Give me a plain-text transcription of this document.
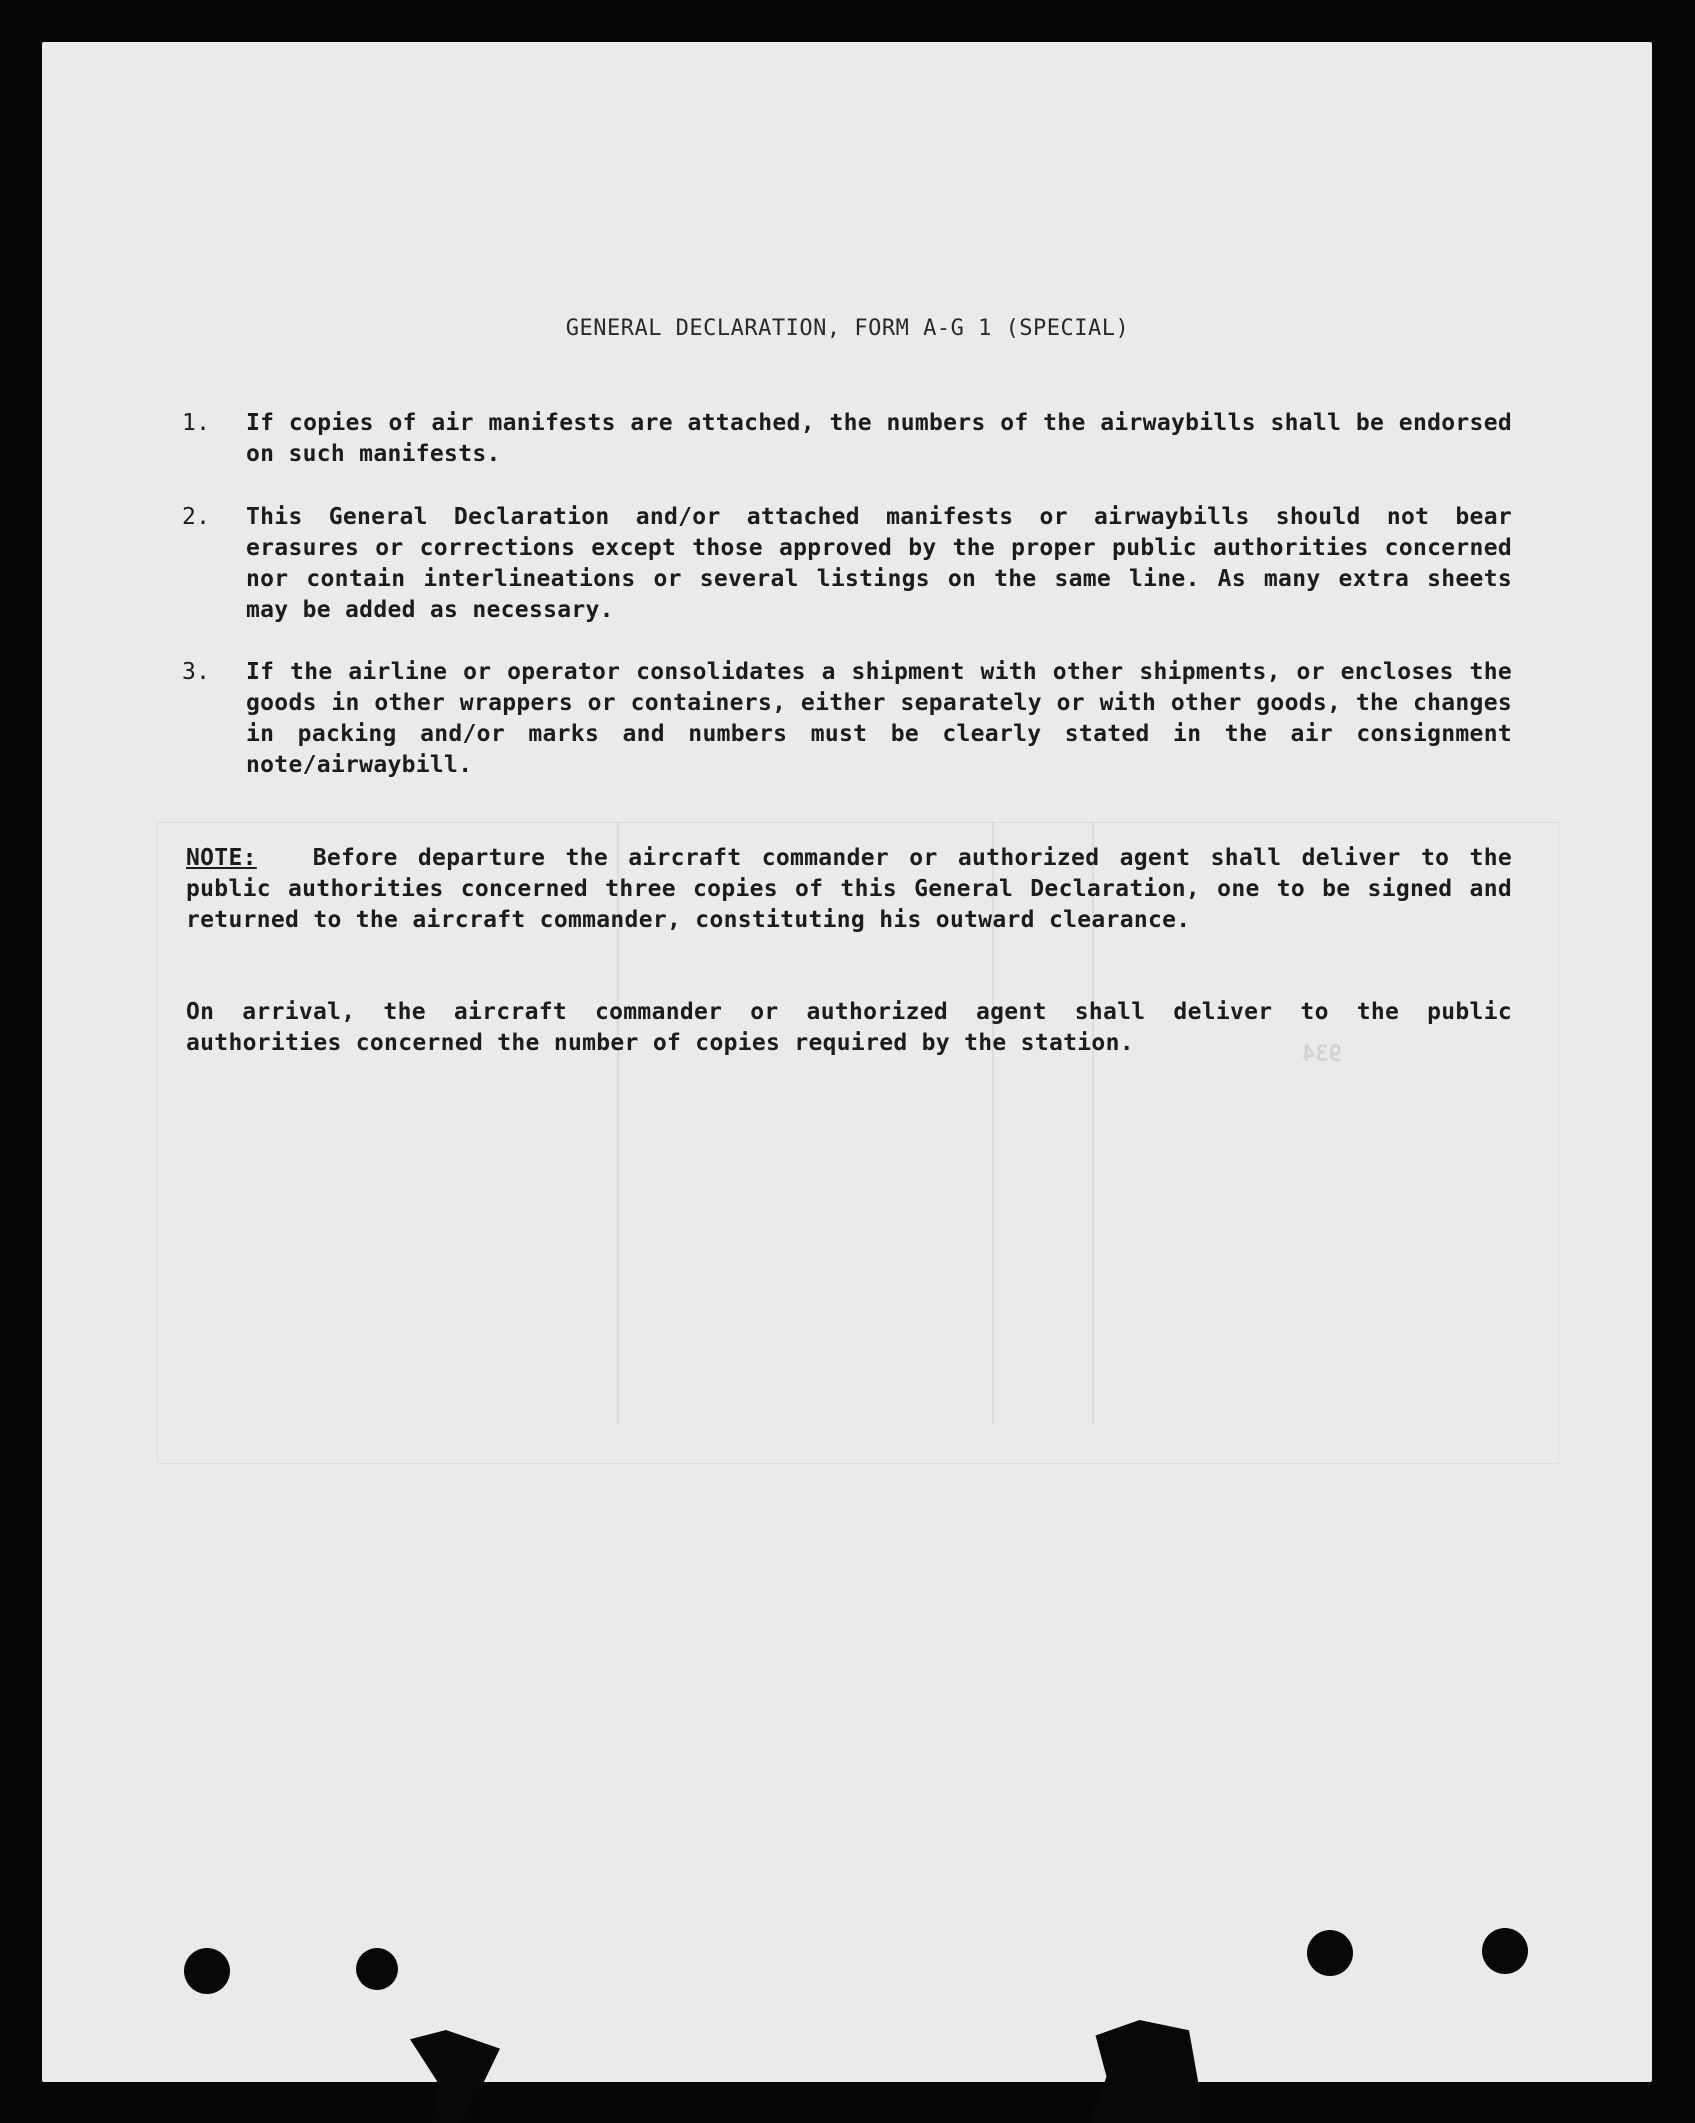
934
GENERAL DECLARATION, FORM A-G 1 (SPECIAL)
1.	If copies of air manifests are attached, the numbers of the airwaybills shall be endorsed on such manifests.
2.	This General Declaration and/or attached manifests or airwaybills should not bear erasures or corrections except those approved by the proper public authorities concerned nor contain interlineations or several listings on the same line. As many extra sheets may be added as necessary.
3.	If the airline or operator consolidates a shipment with other shipments, or encloses the goods in other wrappers or containers, either separately or with other goods, the changes in packing and/or marks and numbers must be clearly stated in the air consignment note/airwaybill.
NOTE: Before departure the aircraft commander or authorized agent shall deliver to the public authorities concerned three copies of this General Declaration, one to be signed and returned to the aircraft commander, constituting his outward clearance.
On arrival, the aircraft commander or authorized agent shall deliver to the public authorities concerned the number of copies required by the station.
